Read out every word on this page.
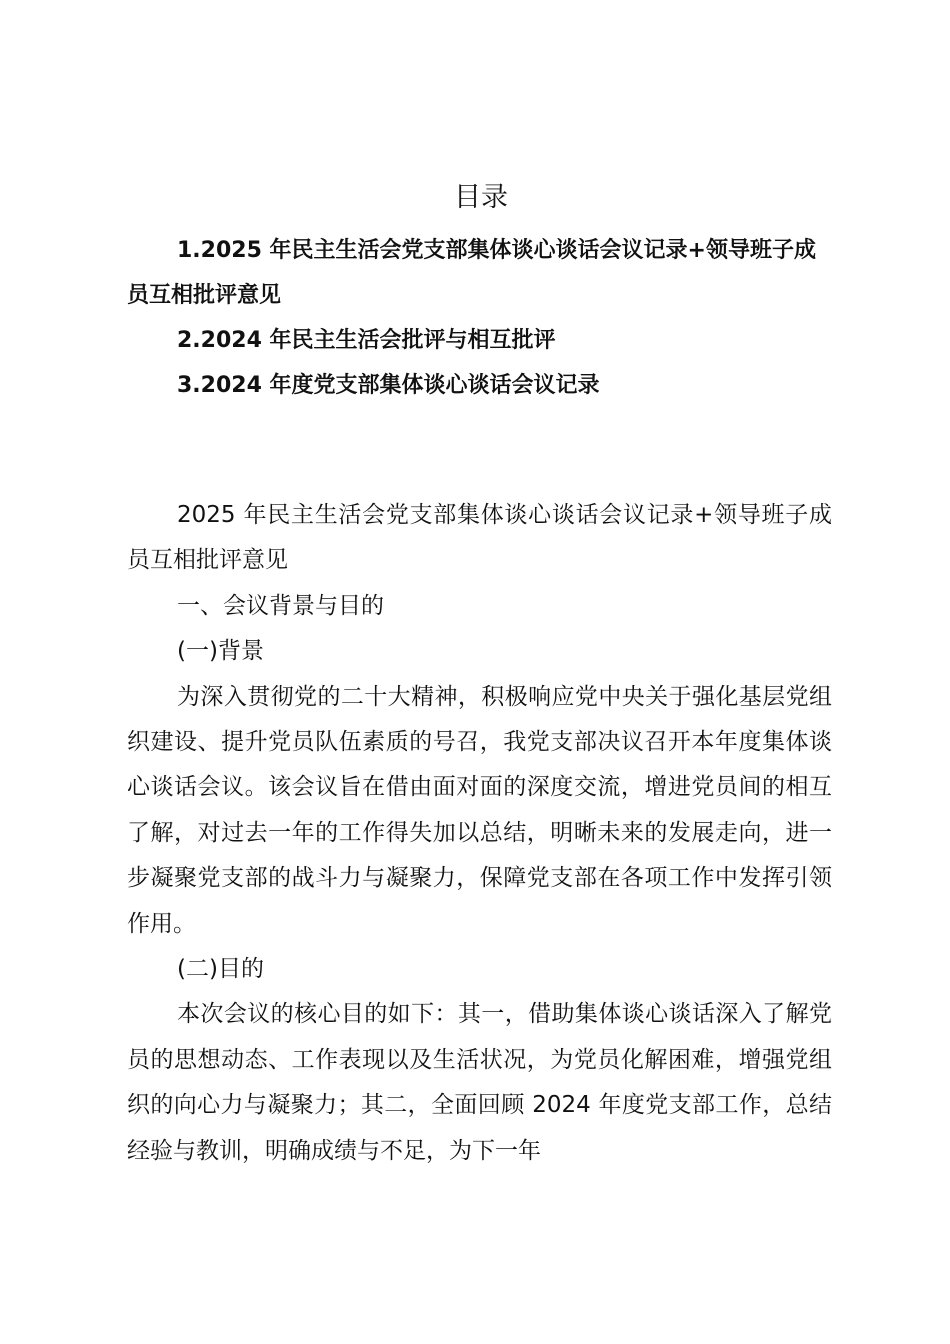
目录

1.2025 年民主生活会党支部集体谈心谈话会议记录+领导班子成员互相批评意见

2.2024 年民主生活会批评与相互批评

3.2024 年度党支部集体谈心谈话会议记录

2025 年民主生活会党支部集体谈心谈话会议记录+领导班子成员互相批评意见

一、会议背景与目的

(一)背景

为深入贯彻党的二十大精神，积极响应党中央关于强化基层党组织建设、提升党员队伍素质的号召，我党支部决议召开本年度集体谈心谈话会议。该会议旨在借由面对面的深度交流，增进党员间的相互了解，对过去一年的工作得失加以总结，明晰未来的发展走向，进一步凝聚党支部的战斗力与凝聚力，保障党支部在各项工作中发挥引领作用。

(二)目的

本次会议的核心目的如下：其一，借助集体谈心谈话深入了解党员的思想动态、工作表现以及生活状况，为党员化解困难，增强党组织的向心力与凝聚力；其二，全面回顾 2024 年度党支部工作，总结经验与教训，明确成绩与不足，为下一年
